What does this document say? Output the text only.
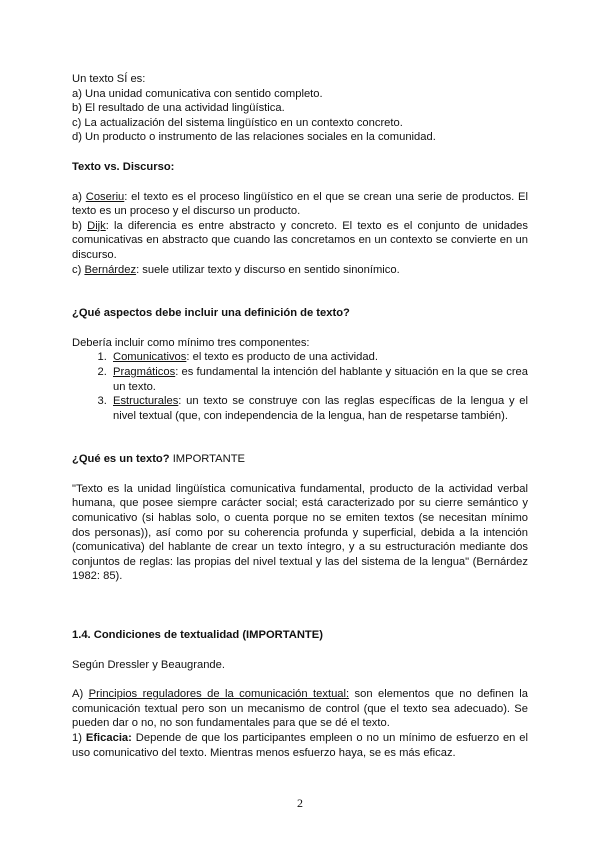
Un texto SÍ es:

a) Una unidad comunicativa con sentido completo.

b) El resultado de una actividad lingüística.

c) La actualización del sistema lingüístico en un contexto concreto.

d) Un producto o instrumento de las relaciones sociales en la comunidad.

Texto vs. Discurso:

a) Coseriu: el texto es el proceso lingüístico en el que se crean una serie de productos. El texto es un proceso y el discurso un producto.

b) Dijk: la diferencia es entre abstracto y concreto. El texto es el conjunto de unidades comunicativas en abstracto que cuando las concretamos en un contexto se convierte en un discurso.

c) Bernárdez: suele utilizar texto y discurso en sentido sinonímico.

¿Qué aspectos debe incluir una definición de texto?

Debería incluir como mínimo tres componentes:

1. Comunicativos: el texto es producto de una actividad.
2. Pragmáticos: es fundamental la intención del hablante y situación en la que se crea un texto.
3. Estructurales: un texto se construye con las reglas específicas de la lengua y el nivel textual (que, con independencia de la lengua, han de respetarse también).

¿Qué es un texto? IMPORTANTE

"Texto es la unidad lingüística comunicativa fundamental, producto de la actividad verbal humana, que posee siempre carácter social; está caracterizado por su cierre semántico y comunicativo (si hablas solo, o cuenta porque no se emiten textos (se necesitan mínimo dos personas)), así como por su coherencia profunda y superficial, debida a la intención (comunicativa) del hablante de crear un texto íntegro, y a su estructuración mediante dos conjuntos de reglas: las propias del nivel textual y las del sistema de la lengua" (Bernárdez 1982: 85).

1.4. Condiciones de textualidad (IMPORTANTE)

Según Dressler y Beaugrande.

A) Principios reguladores de la comunicación textual: son elementos que no definen la comunicación textual pero son un mecanismo de control (que el texto sea adecuado). Se pueden dar o no, no son fundamentales para que se dé el texto.

1) Eficacia: Depende de que los participantes empleen o no un mínimo de esfuerzo en el uso comunicativo del texto. Mientras menos esfuerzo haya, se es más eficaz.

2
